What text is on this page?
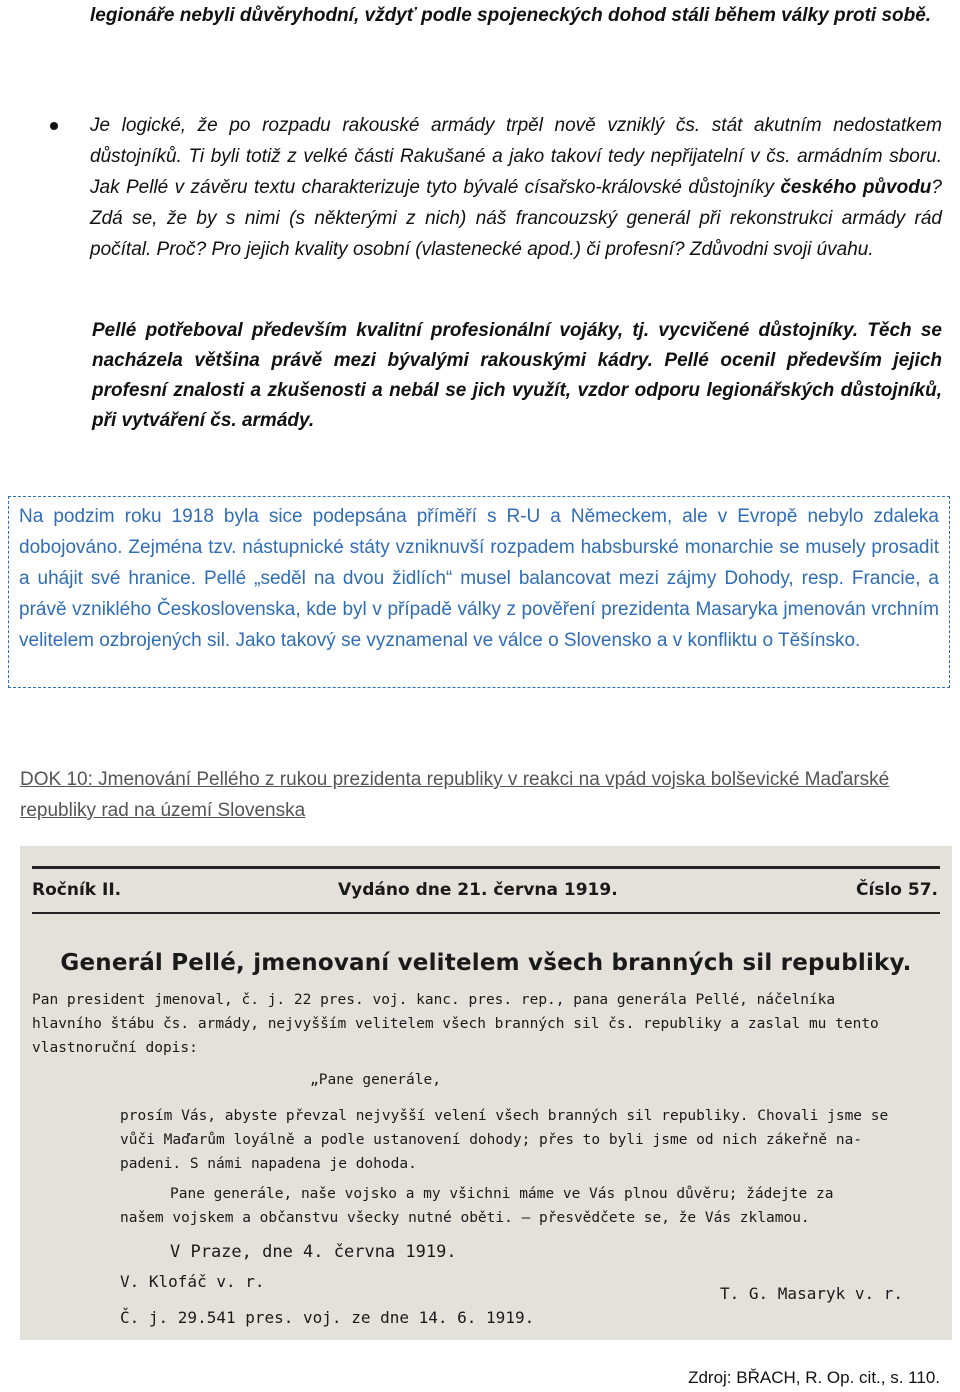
legionáře nebyli důvěryhodní, vždyť podle spojeneckých dohod stáli během války proti sobě.
Je logické, že po rozpadu rakouské armády trpěl nově vzniklý čs. stát akutním nedostatkem důstojníků. Ti byli totiž z velké části Rakušané a jako takoví tedy nepřijatelní v čs. armádním sboru. Jak Pellé v závěru textu charakterizuje tyto bývalé císařsko-královské důstojníky českého původu? Zdá se, že by s nimi (s některými z nich) náš francouzský generál při rekonstrukci armády rád počítal. Proč? Pro jejich kvality osobní (vlastenecké apod.) či profesní? Zdůvodni svoji úvahu.
Pellé potřeboval především kvalitní profesionální vojáky, tj. vycvičené důstojníky. Těch se nacházela většina právě mezi bývalými rakouskými kádry. Pellé ocenil především jejich profesní znalosti a zkušenosti a nebál se jich využít, vzdor odporu legionářských důstojníků, při vytváření čs. armády.
Na podzim roku 1918 byla sice podepsána příměří s R-U a Německem, ale v Evropě nebylo zdaleka dobojováno. Zejména tzv. nástupnické státy vzniknuvší rozpadem habsburské monarchie se musely prosadit a uhájit své hranice. Pellé „seděl na dvou židlích“ musel balancovat mezi zájmy Dohody, resp. Francie, a právě vzniklého Československa, kde byl v případě války z pověření prezidenta Masaryka jmenován vrchním velitelem ozbrojených sil. Jako takový se vyznamenal ve válce o Slovensko a v konfliktu o Těšínsko.
DOK 10: Jmenování Pellého z rukou prezidenta republiky v reakci na vpád vojska bolševické Maďarské republiky rad na území Slovenska
Ročník II.	Vydáno dne 21. června 1919.	Číslo 57.
Generál Pellé, jmenovaní velitelem všech branných sil republiky.
Pan president jmenoval, č. j. 22 pres. voj. kanc. pres. rep., pana generála Pellé, náčelníka
hlavního štábu čs. armády, nejvyšším velitelem všech branných sil čs. republiky a zaslal mu tento
vlastnoruční dopis:
„Pane generále,
prosím Vás, abyste převzal nejvyšší velení všech branných sil republiky. Chovali jsme se
vůči Maďarům loyálně a podle ustanovení dohody; přes to byli jsme od nich zákeřně na-
padeni. S námi napadena je dohoda.
Pane generále, naše vojsko a my všichni máme ve Vás plnou důvěru; žádejte za
našem vojskem a občanstvu všecky nutné oběti. — přesvědčete se, že Vás zklamou.
V Praze, dne 4. června 1919.
V. Klofáč v. r.
T. G. Masaryk v. r.
Č. j. 29.541 pres. voj. ze dne 14. 6. 1919.
Zdroj: BŘACH, R. Op. cit., s. 110.
